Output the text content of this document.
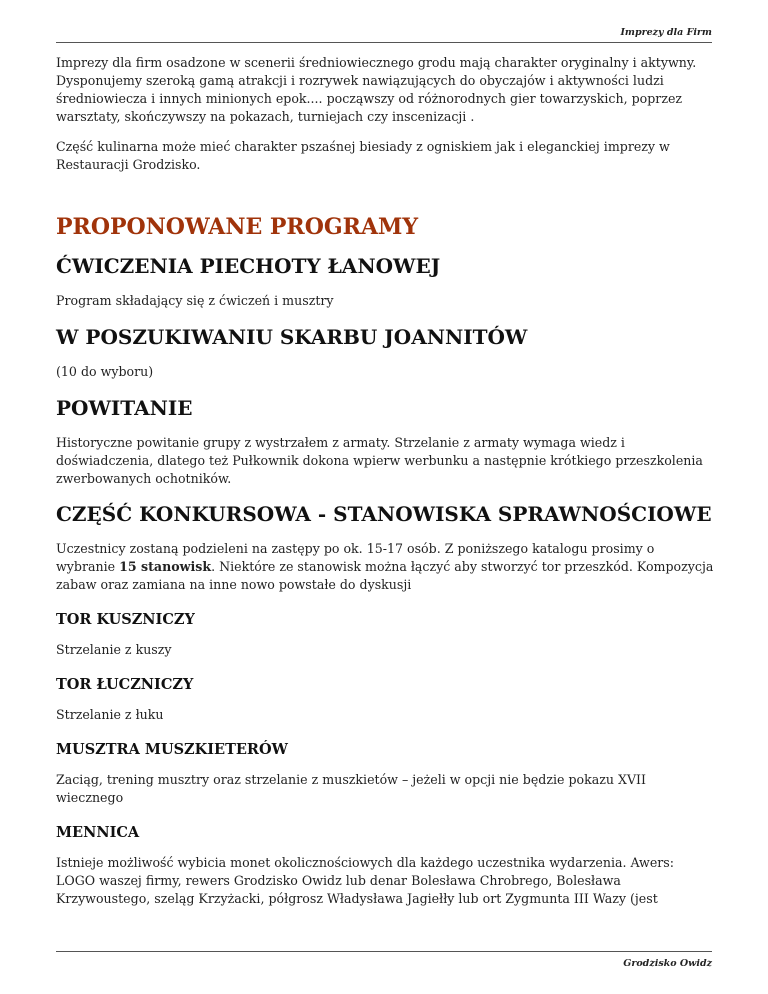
Imprezy dla Firm

Imprezy dla firm osadzone w scenerii średniowiecznego grodu mają charakter oryginalny i aktywny. Dysponujemy szeroką gamą atrakcji i rozrywek nawiązujących do obyczajów i aktywności ludzi średniowiecza i innych minionych epok.... począwszy od różnorodnych gier towarzyskich, poprzez warsztaty, skończywszy na pokazach, turniejach czy inscenizacji .

Część kulinarna może mieć charakter pszaśnej biesiady z ogniskiem jak i eleganckiej imprezy w Restauracji Grodzisko.

PROPONOWANE PROGRAMY
ĆWICZENIA PIECHOTY ŁANOWEJ

Program składający się z ćwiczeń i musztry

W POSZUKIWANIU SKARBU JOANNITÓW

(10 do wyboru)

POWITANIE

Historyczne powitanie grupy z wystrzałem z armaty. Strzelanie z armaty wymaga wiedz i doświadczenia, dlatego też Pułkownik dokona wpierw werbunku a następnie krótkiego przeszkolenia zwerbowanych ochotników.

CZĘŚĆ KONKURSOWA - STANOWISKA SPRAWNOŚCIOWE

Uczestnicy zostaną podzieleni na zastępy po ok. 15-17 osób. Z poniższego katalogu prosimy o wybranie 15 stanowisk. Niektóre ze stanowisk można łączyć aby stworzyć tor przeszkód. Kompozycja zabaw oraz zamiana na inne nowo powstałe do dyskusji

TOR KUSZNICZY

Strzelanie z kuszy

TOR ŁUCZNICZY

Strzelanie z łuku

MUSZTRA MUSZKIETERÓW

Zaciąg, trening musztry oraz strzelanie z muszkietów – jeżeli w opcji nie będzie pokazu XVII wiecznego

MENNICA

Istnieje możliwość wybicia monet okolicznościowych dla każdego uczestnika wydarzenia. Awers: LOGO waszej firmy, rewers Grodzisko Owidz lub denar Bolesława Chrobrego, Bolesława Krzywoustego, szeląg Krzyżacki, półgrosz Władysława Jagiełły lub ort Zygmunta III Wazy (jest

Grodzisko Owidz
